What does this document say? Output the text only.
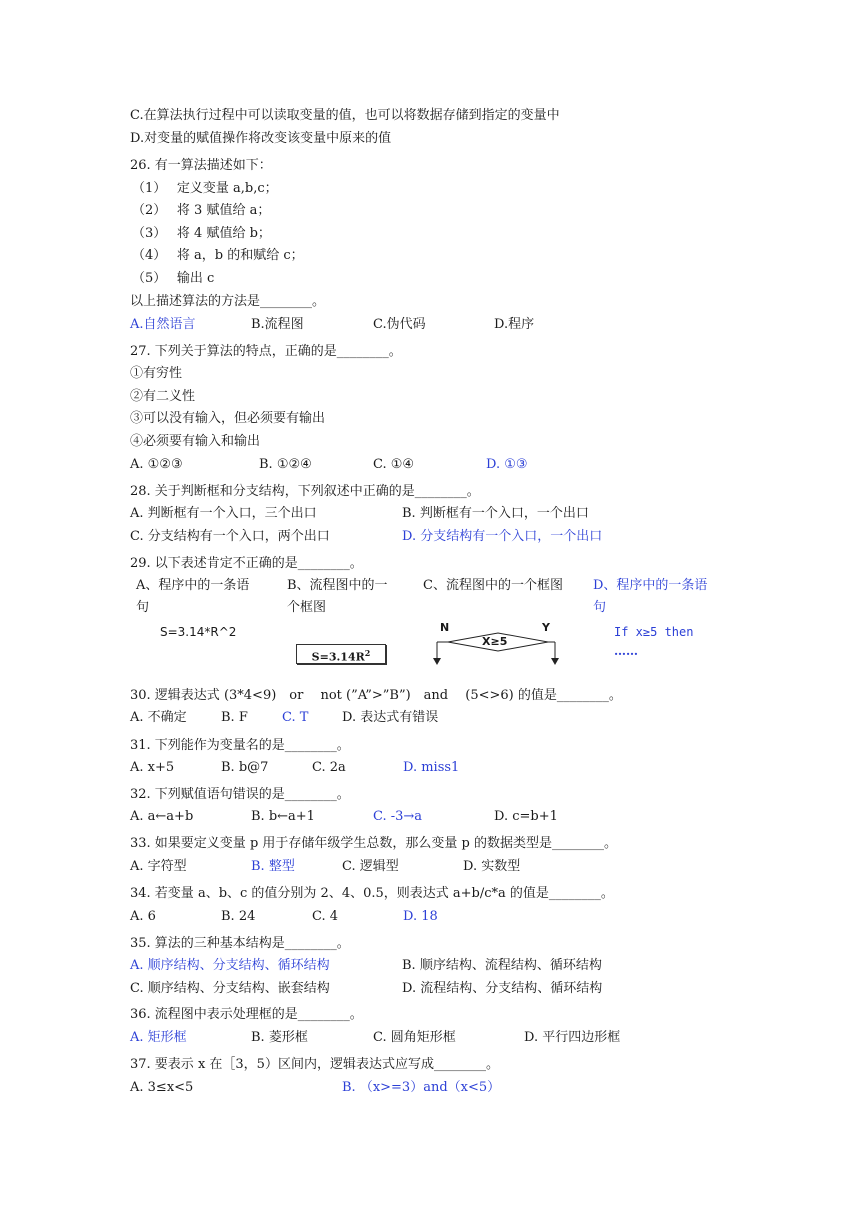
C.在算法执行过程中可以读取变量的值，也可以将数据存储到指定的变量中
D.对变量的赋值操作将改变该变量中原来的值
26. 有一算法描述如下：
（1）　 定义变量 a,b,c；
（2）　 将 3 赋值给 a；
（3）　 将 4 赋值给 b；
（4）　 将 a，b 的和赋给 c；
（5）　 输出 c
以上描述算法的方法是________。
A.自然语言	B.流程图	C.伪代码	D.程序
27. 下列关于算法的特点，正确的是________。
①有穷性
②有二义性
③可以没有输入，但必须要有输出
④必须要有输入和输出
A. ①②③	B. ①②④	C. ①④	D. ①③
28. 关于判断框和分支结构，下列叙述中正确的是________。
A. 判断框有一个入口，三个出口	B. 判断框有一个入口，一个出口
C. 分支结构有一个入口，两个出口	D. 分支结构有一个入口，一个出口
29. 以下表述肯定不正确的是________。
A、程序中的一条语
句
B、流程图中的一
个框图
C、流程图中的一个框图 D、程序中的一条语
句
S=3.14*R^2
$S=3.14R^2$
N	Y
X≥5
If x≥5 then
……
30. 逻辑表达式 (3*4<9)　or　 not (”A”>”B”)　and　 (5<>6) 的值是________。
A. 不确定	B. F	C. T	D. 表达式有错误
31. 下列能作为变量名的是________。
A. x+5	B. b@7	C. 2a	D. miss1
32. 下列赋值语句错误的是________。
A. a←a+b	B. b←a+1	C. -3→a	D. c=b+1
33. 如果要定义变量 p 用于存储年级学生总数，那么变量 p 的数据类型是________。
A. 字符型	B. 整型	C. 逻辑型	D. 实数型
34. 若变量 a、b、c 的值分别为 2、4、0.5，则表达式 a+b/c*a 的值是________。
A. 6	B. 24	C. 4	D. 18
35. 算法的三种基本结构是________。
A. 顺序结构、分支结构、循环结构	B. 顺序结构、流程结构、循环结构
C. 顺序结构、分支结构、嵌套结构	D. 流程结构、分支结构、循环结构
36. 流程图中表示处理框的是________。
A. 矩形框	B. 菱形框	C. 圆角矩形框	D. 平行四边形框
37. 要表示 x 在［3，5）区间内，逻辑表达式应写成________。
A. 3≤x<5	B. （x>=3）and（x<5）
